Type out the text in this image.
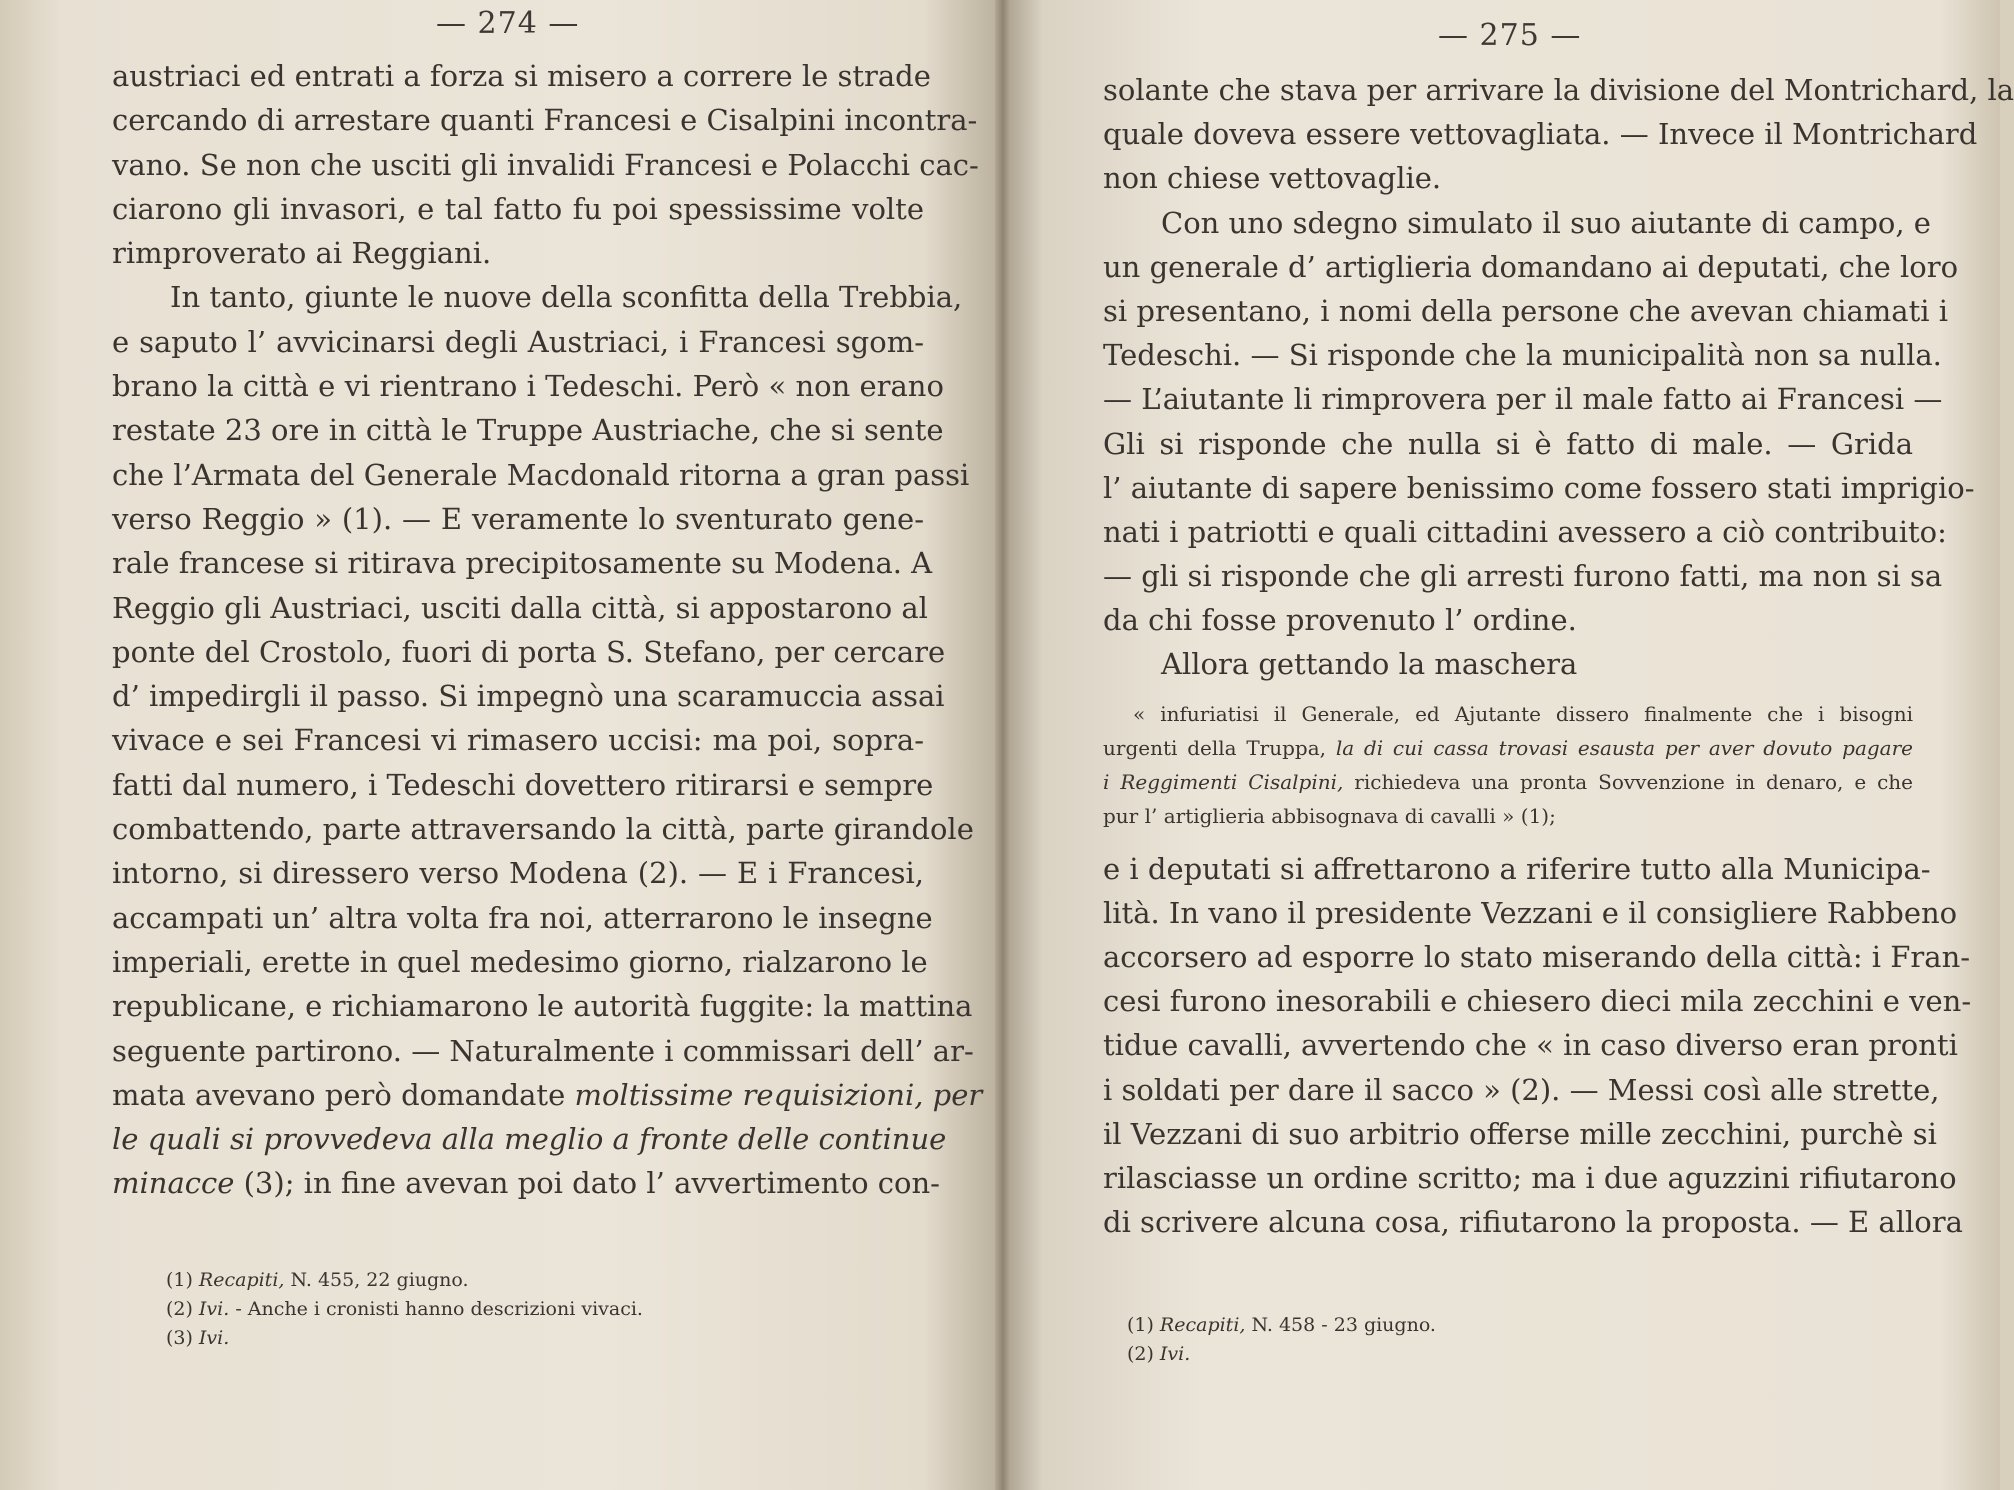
— 274 —
austriaci ed entrati a forza si misero a correre le strade
cercando di arrestare quanti Francesi e Cisalpini incontra-
vano. Se non che usciti gli invalidi Francesi e Polacchi cac-
ciarono gli invasori, e tal fatto fu poi spessissime volte
rimproverato ai Reggiani.
In tanto, giunte le nuove della sconfitta della Trebbia,
e saputo l’ avvicinarsi degli Austriaci, i Francesi sgom-
brano la città e vi rientrano i Tedeschi. Però « non erano
restate 23 ore in città le Truppe Austriache, che si sente
che l’Armata del Generale Macdonald ritorna a gran passi
verso Reggio » (1). — E veramente lo sventurato gene-
rale francese si ritirava precipitosamente su Modena. A
Reggio gli Austriaci, usciti dalla città, si appostarono al
ponte del Crostolo, fuori di porta S. Stefano, per cercare
d’ impedirgli il passo. Si impegnò una scaramuccia assai
vivace e sei Francesi vi rimasero uccisi: ma poi, sopra-
fatti dal numero, i Tedeschi dovettero ritirarsi e sempre
combattendo, parte attraversando la città, parte girandole
intorno, si diressero verso Modena (2). — E i Francesi,
accampati un’ altra volta fra noi, atterrarono le insegne
imperiali, erette in quel medesimo giorno, rialzarono le
republicane, e richiamarono le autorità fuggite: la mattina
seguente partirono. — Naturalmente i commissari dell’ ar-
mata avevano però domandate moltissime requisizioni, per
le quali si provvedeva alla meglio a fronte delle continue
minacce (3); in fine avevan poi dato l’ avvertimento con-
(1) Recapiti, N. 455, 22 giugno.
(2) Ivi. - Anche i cronisti hanno descrizioni vivaci.
(3) Ivi.
— 275 —
solante che stava per arrivare la divisione del Montrichard, la
quale doveva essere vettovagliata. — Invece il Montrichard
non chiese vettovaglie.
Con uno sdegno simulato il suo aiutante di campo, e
un generale d’ artiglieria domandano ai deputati, che loro
si presentano, i nomi della persone che avevan chiamati i
Tedeschi. — Si risponde che la municipalità non sa nulla.
— L’aiutante li rimprovera per il male fatto ai Francesi —
Gli si risponde che nulla si è fatto di male. — Grida
l’ aiutante di sapere benissimo come fossero stati imprigio-
nati i patriotti e quali cittadini avessero a ciò contribuito:
— gli si risponde che gli arresti furono fatti, ma non si sa
da chi fosse provenuto l’ ordine.
Allora gettando la maschera
« infuriatisi il Generale, ed Ajutante dissero finalmente che i bisogni
urgenti della Truppa, la di cui cassa trovasi esausta per aver dovuto pagare
i Reggimenti Cisalpini, richiedeva una pronta Sovvenzione in denaro, e che
pur l’ artiglieria abbisognava di cavalli » (1);
e i deputati si affrettarono a riferire tutto alla Municipa-
lità. In vano il presidente Vezzani e il consigliere Rabbeno
accorsero ad esporre lo stato miserando della città: i Fran-
cesi furono inesorabili e chiesero dieci mila zecchini e ven-
tidue cavalli, avvertendo che « in caso diverso eran pronti
i soldati per dare il sacco » (2). — Messi così alle strette,
il Vezzani di suo arbitrio offerse mille zecchini, purchè si
rilasciasse un ordine scritto; ma i due aguzzini rifiutarono
di scrivere alcuna cosa, rifiutarono la proposta. — E allora
(1) Recapiti, N. 458 - 23 giugno.
(2) Ivi.
